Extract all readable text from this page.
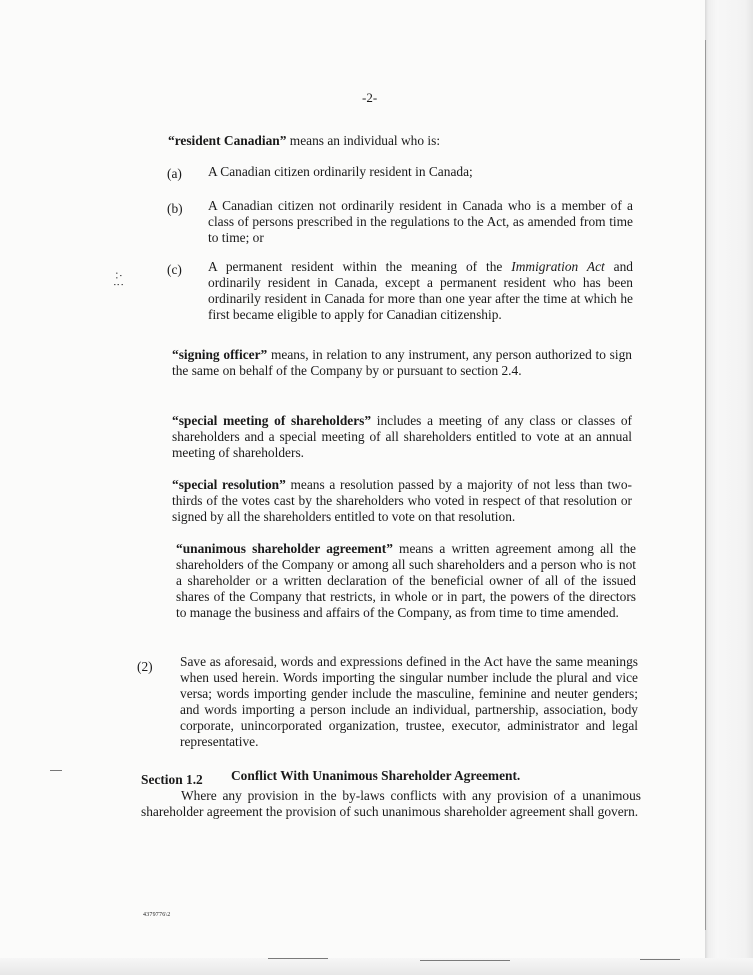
-2-

“resident Canadian” means an individual who is:

(a) A Canadian citizen ordinarily resident in Canada;

(b) A Canadian citizen not ordinarily resident in Canada who is a member of a class of persons prescribed in the regulations to the Act, as amended from time to time; or

(c) A permanent resident within the meaning of the Immigration Act and ordinarily resident in Canada, except a permanent resident who has been ordinarily resident in Canada for more than one year after the time at which he first became eligible to apply for Canadian citizenship.

∴⋮

“signing officer” means, in relation to any instrument, any person authorized to sign the same on behalf of the Company by or pursuant to section 2.4.

“special meeting of shareholders” includes a meeting of any class or classes of shareholders and a special meeting of all shareholders entitled to vote at an annual meeting of shareholders.

“special resolution” means a resolution passed by a majority of not less than two-thirds of the votes cast by the shareholders who voted in respect of that resolution or signed by all the shareholders entitled to vote on that resolution.

“unanimous shareholder agreement” means a written agreement among all the shareholders of the Company or among all such shareholders and a person who is not a shareholder or a written declaration of the beneficial owner of all of the issued shares of the Company that restricts, in whole or in part, the powers of the directors to manage the business and affairs of the Company, as from time to time amended.

(2) Save as aforesaid, words and expressions defined in the Act have the same meanings when used herein. Words importing the singular number include the plural and vice versa; words importing gender include the masculine, feminine and neuter genders; and words importing a person include an individual, partnership, association, body corporate, unincorporated organization, trustee, executor, administrator and legal representative.

Section 1.2 Conflict With Unanimous Shareholder Agreement.

Where any provision in the by-laws conflicts with any provision of a unanimous shareholder agreement the provision of such unanimous shareholder agreement shall govern.

4379776\2
